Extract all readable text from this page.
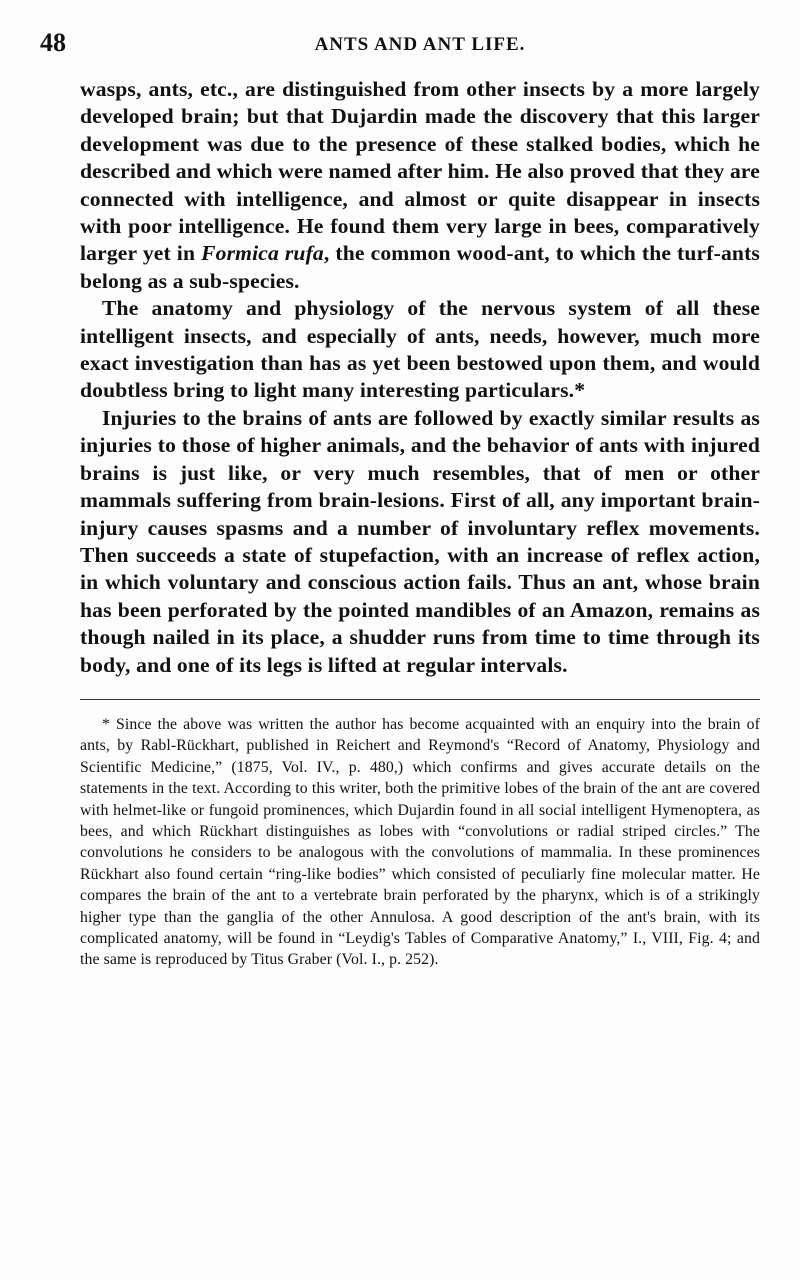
48	ANTS AND ANT LIFE.

wasps, ants, etc., are distinguished from other insects by a more largely developed brain; but that Dujardin made the discovery that this larger development was due to the presence of these stalked bodies, which he described and which were named after him. He also proved that they are connected with intelligence, and almost or quite disappear in insects with poor intelligence. He found them very large in bees, comparatively larger yet in Formica rufa, the common wood-ant, to which the turf-ants belong as a sub-species.

The anatomy and physiology of the nervous system of all these intelligent insects, and especially of ants, needs, however, much more exact investigation than has as yet been bestowed upon them, and would doubtless bring to light many interesting particulars.*

Injuries to the brains of ants are followed by exactly similar results as injuries to those of higher animals, and the behavior of ants with injured brains is just like, or very much resembles, that of men or other mammals suffering from brain-lesions. First of all, any important brain-injury causes spasms and a number of involuntary reflex movements. Then succeeds a state of stupefaction, with an increase of reflex action, in which voluntary and conscious action fails. Thus an ant, whose brain has been perforated by the pointed mandibles of an Amazon, remains as though nailed in its place, a shudder runs from time to time through its body, and one of its legs is lifted at regular intervals.

* Since the above was written the author has become acquainted with an enquiry into the brain of ants, by Rabl-Rückhart, published in Reichert and Reymond's “Record of Anatomy, Physiology and Scientific Medicine,” (1875, Vol. IV., p. 480,) which confirms and gives accurate details on the statements in the text. According to this writer, both the primitive lobes of the brain of the ant are covered with helmet-like or fungoid prominences, which Dujardin found in all social intelligent Hymenoptera, as bees, and which Rückhart distinguishes as lobes with “convolutions or radial striped circles.” The convolutions he considers to be analogous with the convolutions of mammalia. In these prominences Rückhart also found certain “ring-like bodies” which consisted of peculiarly fine molecular matter. He compares the brain of the ant to a vertebrate brain perforated by the pharynx, which is of a strikingly higher type than the ganglia of the other Annulosa. A good description of the ant's brain, with its complicated anatomy, will be found in “Leydig's Tables of Comparative Anatomy,” I., VIII, Fig. 4; and the same is reproduced by Titus Graber (Vol. I., p. 252).
